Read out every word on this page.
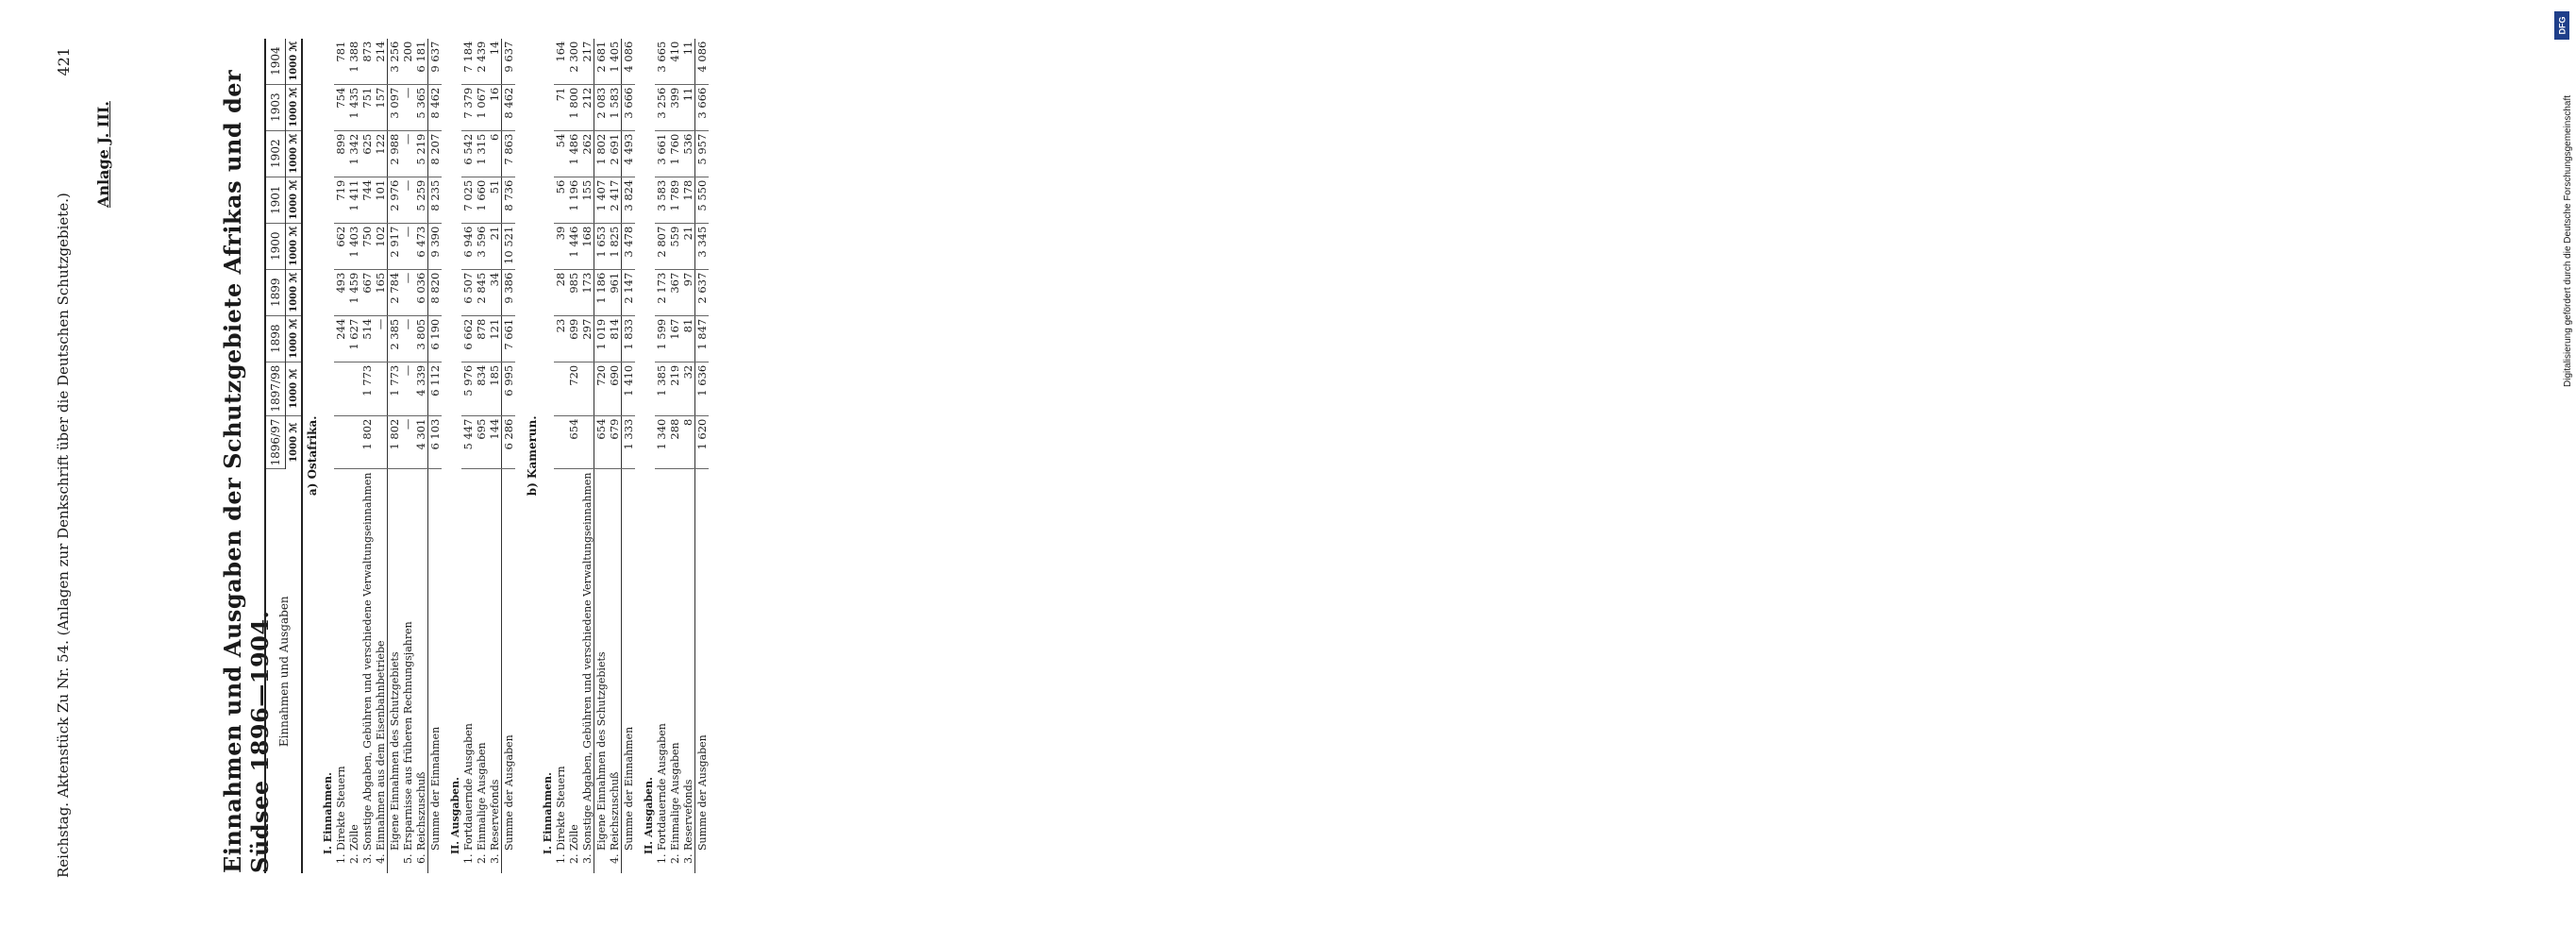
DFG
Digitalisierung gefördert durch die Deutsche Forschungsgemeinschaft
Reichstag. Aktenstück Zu Nr. 54. (Anlagen zur Denkschrift über die Deutschen Schutzgebiete.)
421
Anlage J. III.	Einnahmen und Ausgaben der Schutzgebiete Afrikas und der Südsee 1896—1904. Einnahmen und Ausgaben	1896/97	1897/98	1898	1899	1900	1901	1902	1903	1904
	1000 ℳ	1000 ℳ	1000 ℳ	1000 ℳ	1000 ℳ	1000 ℳ	1000 ℳ	1000 ℳ	1000 ℳ
a) Ostafrika.									
I. Einnahmen.									
1. Direkte Steuern			244	493	662	719	899	754	781
2. Zölle			1 627	1 459	1 403	1 411	1 342	1 435	1 388
3. Sonstige Abgaben, Gebühren und verschiedene Verwaltungseinnahmen	1 802	1 773	514	667	750	744	625	751	873
4. Einnahmen aus dem Eisenbahnbetriebe			—	165	102	101	122	157	214
Eigene Einnahmen des Schutzgebiets	1 802	1 773	2 385	2 784	2 917	2 976	2 988	3 097	3 256
5. Ersparnisse aus früheren Rechnungsjahren	—	—	—	—	—	—	—	—	200
6. Reichszuschuß	4 301	4 339	3 805	6 036	6 473	5 259	5 219	5 365	6 181
Summe der Einnahmen	6 103	6 112	6 190	8 820	9 390	8 235	8 207	8 462	9 637

II. Ausgaben.									
1. Fortdauernde Ausgaben	5 447	5 976	6 662	6 507	6 946	7 025	6 542	7 379	7 184
2. Einmalige Ausgaben	695	834	878	2 845	3 596	1 660	1 315	1 067	2 439
3. Reservefonds	144	185	121	34	21	51	6	16	14
Summe der Ausgaben	6 286	6 995	7 661	9 386	10 521	8 736	7 863	8 462	9 637

b) Kamerun.									
I. Einnahmen.									
1. Direkte Steuern			23	28	39	56	54	71	164
2. Zölle	654	720	699	985	1 446	1 196	1 486	1 800	2 300
3. Sonstige Abgaben, Gebühren und verschiedene Verwaltungseinnahmen			297	173	168	155	262	212	217
Eigene Einnahmen des Schutzgebiets	654	720	1 019	1 186	1 653	1 407	1 802	2 083	2 681
4. Reichszuschuß	679	690	814	961	1 825	2 417	2 691	1 583	1 405
Summe der Einnahmen	1 333	1 410	1 833	2 147	3 478	3 824	4 493	3 666	4 086

II. Ausgaben.									
1. Fortdauernde Ausgaben	1 340	1 385	1 599	2 173	2 807	3 583	3 661	3 256	3 665
2. Einmalige Ausgaben	288	219	167	367	559	1 789	1 760	399	410
3. Reservefonds	8	32	81	97	21	178	536	11	11
Summe der Ausgaben	1 620	1 636	1 847	2 637	3 345	5 550	5 957	3 666	4 086
